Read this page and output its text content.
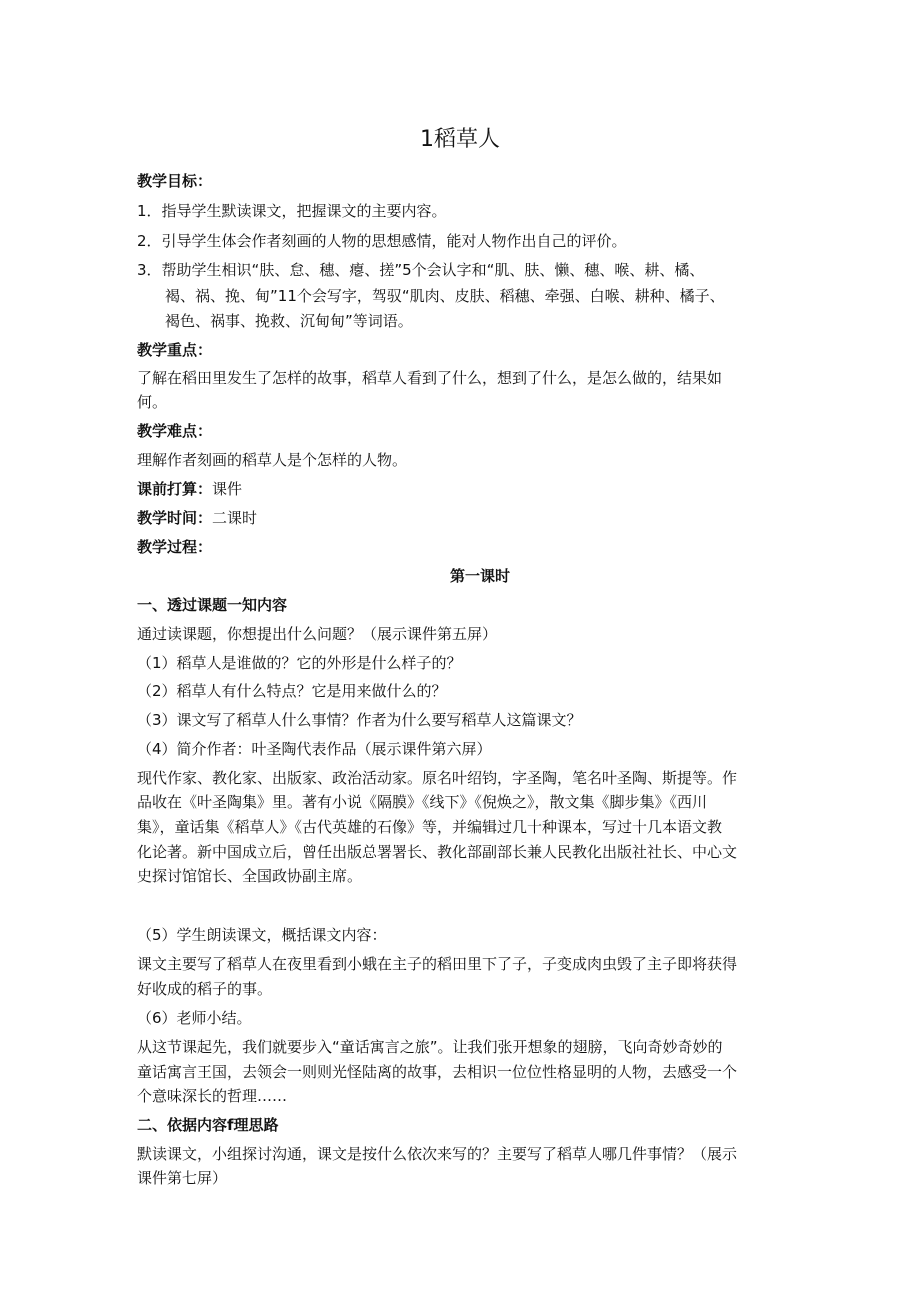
1稻草人
教学目标：
1．指导学生默读课文，把握课文的主要内容。
2．引导学生体会作者刻画的人物的思想感情，能对人物作出自己的评价。
3．帮助学生相识“肤、怠、穗、瘪、搓”5个会认字和“肌、肤、懒、穗、喉、耕、橘、
褐、祸、挽、甸”11个会写字，驾驭“肌肉、皮肤、稻穗、牵强、白喉、耕种、橘子、
褐色、祸事、挽救、沉甸甸”等词语。
教学重点：
了解在稻田里发生了怎样的故事，稻草人看到了什么，想到了什么，是怎么做的，结果如
何。
教学难点：
理解作者刻画的稻草人是个怎样的人物。
课前打算：课件
教学时间：二课时
教学过程：
第一课时
一、透过课题一知内容
通过读课题，你想提出什么问题？（展示课件第五屏）
（1）稻草人是谁做的？它的外形是什么样子的？
（2）稻草人有什么特点？它是用来做什么的？
（3）课文写了稻草人什么事情？作者为什么要写稻草人这篇课文？
（4）简介作者：叶圣陶代表作品（展示课件第六屏）
现代作家、教化家、出版家、政治活动家。原名叶绍钧，字圣陶，笔名叶圣陶、斯提等。作
品收在《叶圣陶集》里。著有小说《隔膜》《线下》《倪焕之》，散文集《脚步集》《西川
集》，童话集《稻草人》《古代英雄的石像》等，并编辑过几十种课本，写过十几本语文教
化论著。新中国成立后，曾任出版总署署长、教化部副部长兼人民教化出版社社长、中心文
史探讨馆馆长、全国政协副主席。
（5）学生朗读课文，概括课文内容：
课文主要写了稻草人在夜里看到小蛾在主子的稻田里下了子，子变成肉虫毁了主子即将获得
好收成的稻子的事。
（6）老师小结。
从这节课起先，我们就要步入“童话寓言之旅”。让我们张开想象的翅膀，飞向奇妙奇妙的
童话寓言王国，去领会一则则光怪陆离的故事，去相识一位位性格显明的人物，去感受一个
个意味深长的哲理……
二、依据内容f理思路
默读课文，小组探讨沟通，课文是按什么依次来写的？主要写了稻草人哪几件事情？（展示
课件第七屏）
